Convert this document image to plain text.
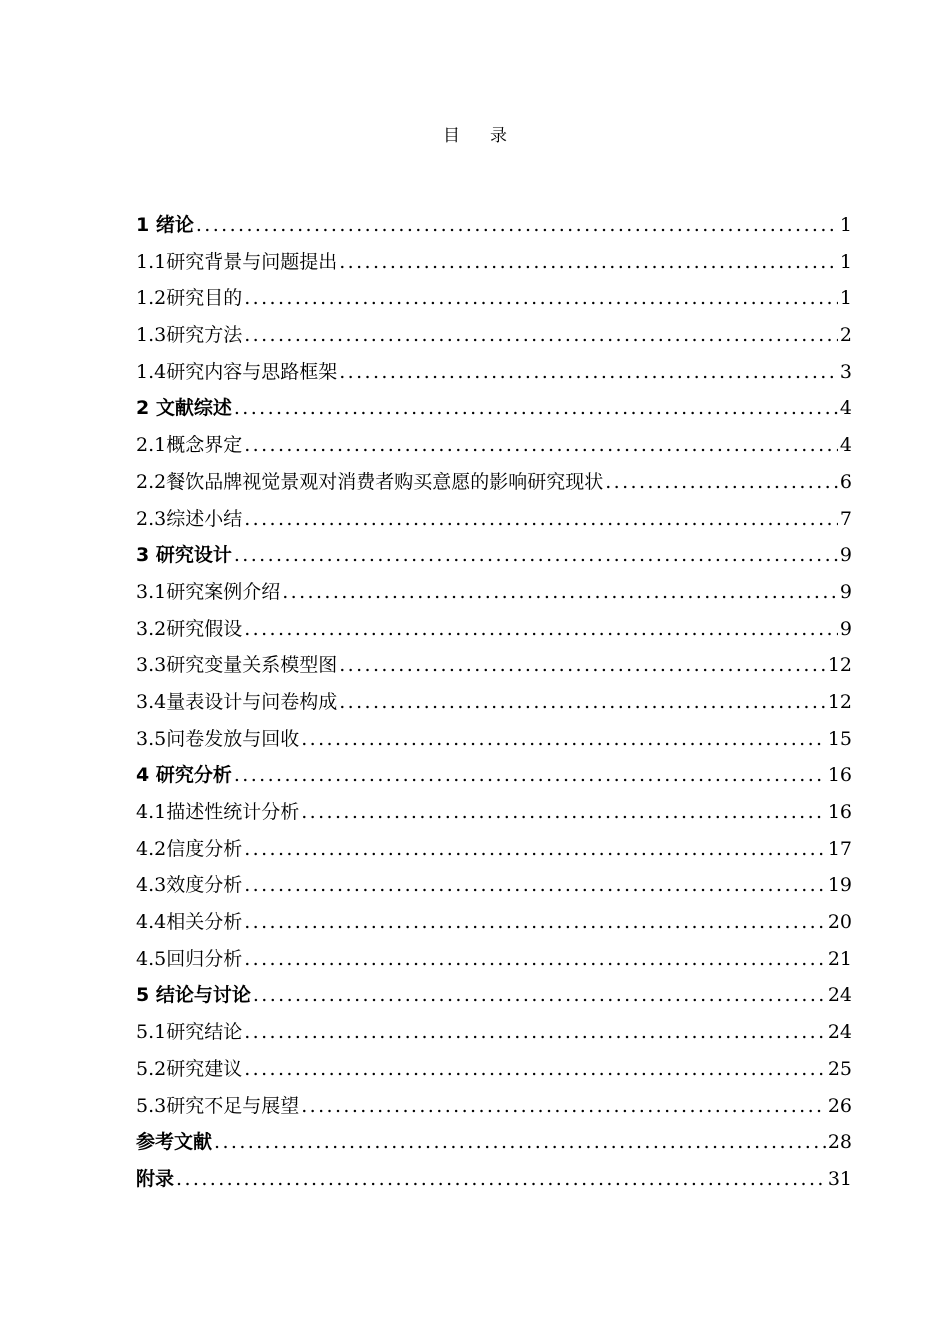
目 录
1 绪论 .....	1
1.1研究背景与问题提出 .....	1
1.2研究目的 .....	1
1.3研究方法 .....	2
1.4研究内容与思路框架 .....	3
2 文献综述 .....	4
2.1概念界定 .....	4
2.2餐饮品牌视觉景观对消费者购买意愿的影响研究现状 .....	6
2.3综述小结 .....	7
3 研究设计 .....	9
3.1研究案例介绍 .....	9
3.2研究假设 .....	9
3.3研究变量关系模型图 .....	12
3.4量表设计与问卷构成 .....	12
3.5问卷发放与回收 .....	15
4 研究分析 .....	16
4.1描述性统计分析 .....	16
4.2信度分析 .....	17
4.3效度分析 .....	19
4.4相关分析 .....	20
4.5回归分析 .....	21
5 结论与讨论 .....	24
5.1研究结论 .....	24
5.2研究建议 .....	25
5.3研究不足与展望 .....	26
参考文献 .....	28
附录 .....	31
